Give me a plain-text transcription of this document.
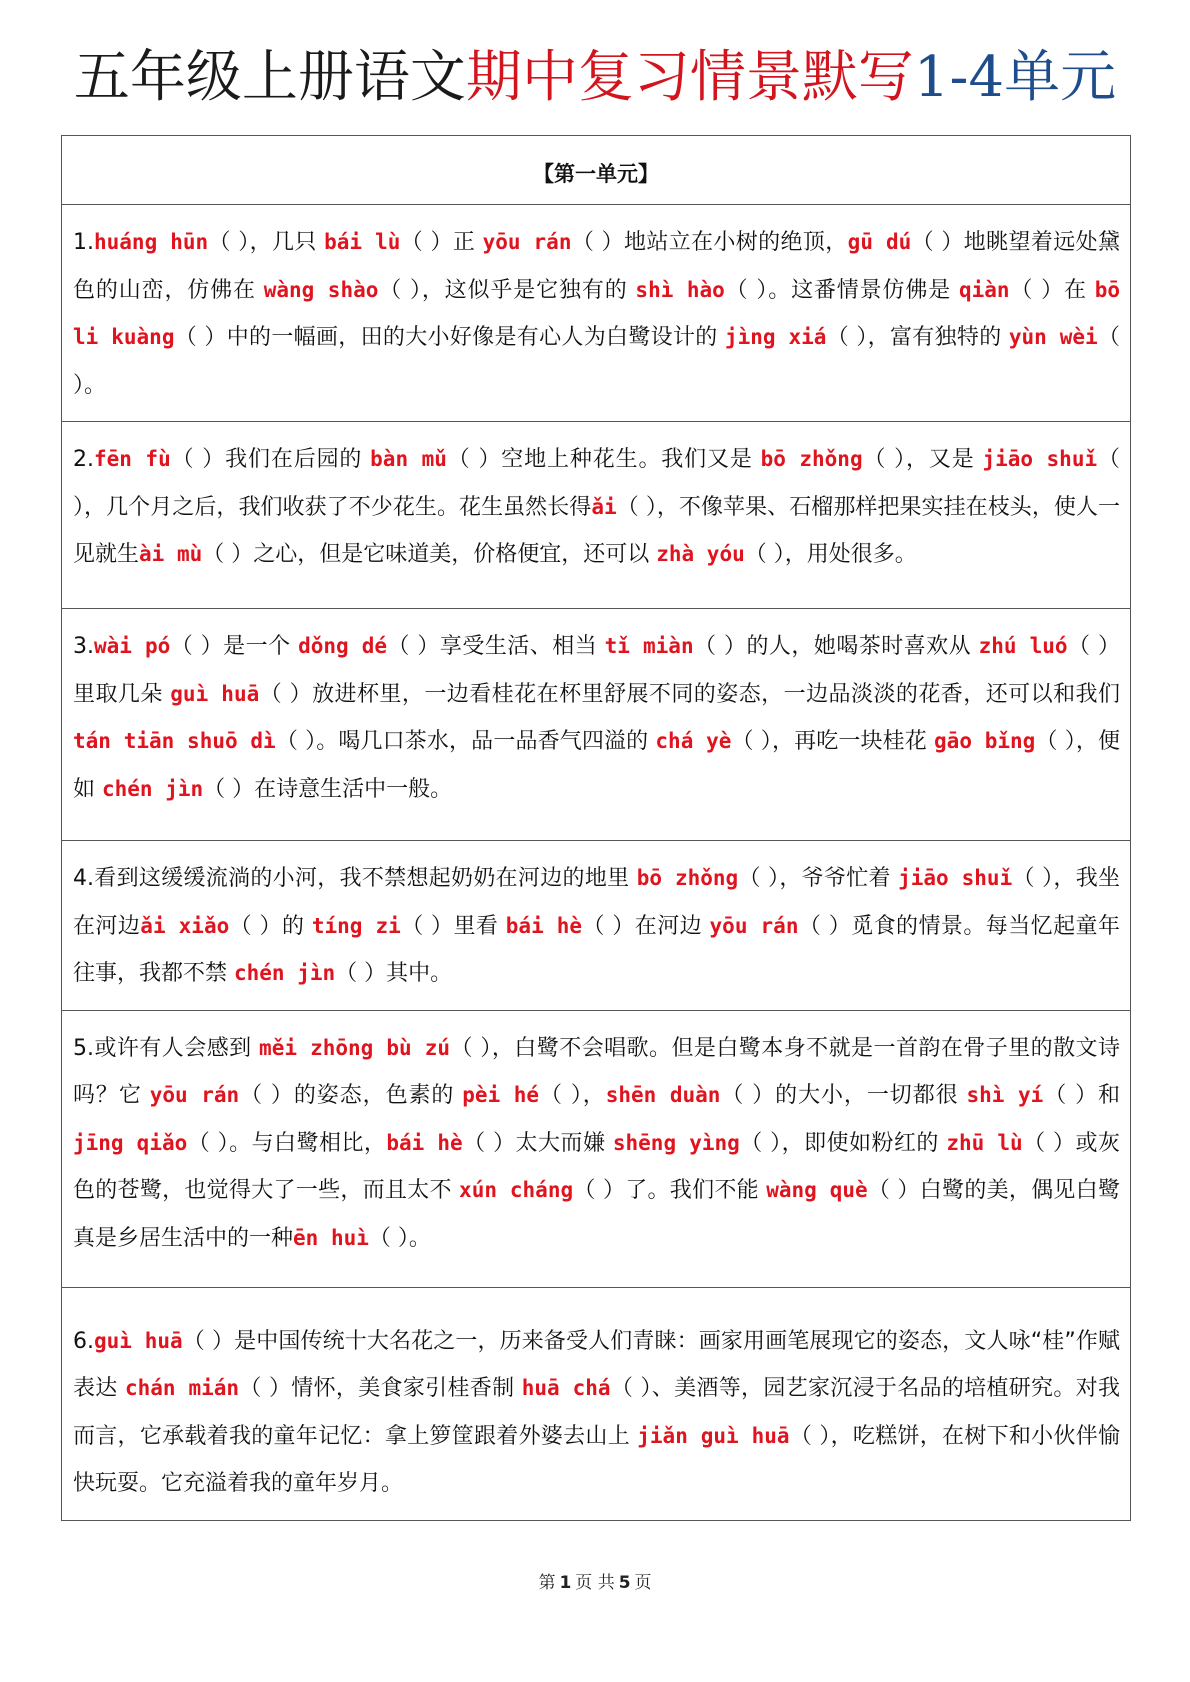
五年级上册语文期中复习情景默写1-4单元
【第一单元】

1.huáng hūn（ ），几只 bái lù（ ）正 yōu rán（ ）地站立在小树的绝顶，gū dú（ ）地眺望着远处黛色的山峦，仿佛在 wàng shào（ ），这似乎是它独有的 shì hào（ ）。这番情景仿佛是 qiàn（ ）在 bō li kuàng（ ）中的一幅画，田的大小好像是有心人为白鹭设计的 jìng xiá（ ），富有独特的 yùn wèi（ ）。

2.fēn fù（ ）我们在后园的 bàn mǔ（ ）空地上种花生。我们又是 bō zhǒng（ ），又是 jiāo shuǐ（ ），几个月之后，我们收获了不少花生。花生虽然长得ǎi（ ），不像苹果、石榴那样把果实挂在枝头，使人一见就生ài mù（ ）之心，但是它味道美，价格便宜，还可以 zhà yóu（ ），用处很多。

3.wài pó（ ）是一个 dǒng dé（ ）享受生活、相当 tǐ miàn（ ）的人，她喝茶时喜欢从 zhú luó（ ）里取几朵 guì huā（ ）放进杯里，一边看桂花在杯里舒展不同的姿态，一边品淡淡的花香，还可以和我们 tán tiān shuō dì（ ）。喝几口茶水，品一品香气四溢的 chá yè（ ），再吃一块桂花 gāo bǐng（ ），便如 chén jìn（ ）在诗意生活中一般。

4.看到这缓缓流淌的小河，我不禁想起奶奶在河边的地里 bō zhǒng（ ），爷爷忙着 jiāo shuǐ（ ），我坐在河边ǎi xiǎo（ ）的 tíng zi（ ）里看 bái hè（ ）在河边 yōu rán（ ）觅食的情景。每当忆起童年往事，我都不禁 chén jìn（ ）其中。

5.或许有人会感到 měi zhōng bù zú（ ），白鹭不会唱歌。但是白鹭本身不就是一首韵在骨子里的散文诗吗？它 yōu rán（ ）的姿态，色素的 pèi hé（ ），shēn duàn（ ）的大小，一切都很 shì yí（ ）和 jīng qiǎo（ ）。与白鹭相比，bái hè（ ）太大而嫌 shēng yìng（ ），即使如粉红的 zhū lù（ ）或灰色的苍鹭，也觉得大了一些，而且太不 xún cháng（ ）了。我们不能 wàng què（ ）白鹭的美，偶见白鹭真是乡居生活中的一种ēn huì（ ）。

6.guì huā（ ）是中国传统十大名花之一，历来备受人们青睐：画家用画笔展现它的姿态，文人咏“桂”作赋表达 chán mián（ ）情怀，美食家引桂香制 huā chá（ ）、美酒等，园艺家沉浸于名品的培植研究。对我而言，它承载着我的童年记忆：拿上箩筐跟着外婆去山上 jiǎn guì huā（ ），吃糕饼，在树下和小伙伴愉快玩耍。它充溢着我的童年岁月。
第 1 页 共 5 页
